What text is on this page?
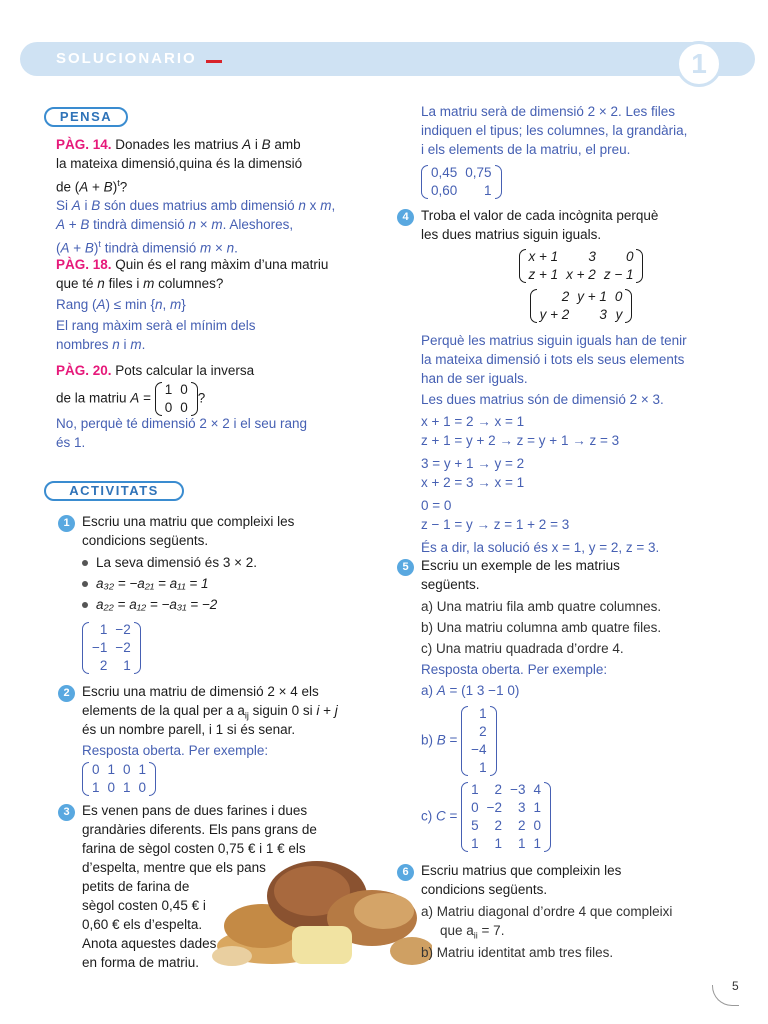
SOLUCIONARIO	1
PENSA
PÀG. 14. Donades les matrius A i B amb
la mateixa dimensió,quina és la dimensió
de $(A + B)^t$?
Si A i B són dues matrius amb dimensió n x m,
A + B tindrà dimensió n × m. Aleshores,
$(A + B)^t$ tindrà dimensió m × n.
PÀG. 18. Quin és el rang màxim d’una matriu
que té n files i m columnes?
Rang (A) ≤ min {n, m}
El rang màxim serà el mínim dels
nombres n i m.
PÀG. 20. Pots calcular la inversa
de la matriu A =
1	0
0	0
?
No, perquè té dimensió 2 × 2 i el seu rang
és 1.
ACTIVITATS
1 Escriu una matriu que compleixi les
condicions següents.
La seva dimensió és 3 × 2.
a₃₂ = −a₂₁ = a₁₁ = 1
a₂₂ = a₁₂ = −a₃₁ = −2
1	−2
−1	−2
2	1
2 Escriu una matriu de dimensió 2 × 4 els
elements de la qual per a $a_{ij}$ siguin 0 si i + j
és un nombre parell, i 1 si és senar.
Resposta oberta. Per exemple:
0	1	0	1
1	0	1	0
3 Es venen pans de dues farines i dues
grandàries diferents. Els pans grans de
farina de sègol costen 0,75 € i 1 € els
d’espelta, mentre que els pans
petits de farina de
sègol costen 0,45 € i
0,60 € els d’espelta.
Anota aquestes dades
en forma de matriu.
La matriu serà de dimensió 2 × 2. Les files
indiquen el tipus; les columnes, la grandària,
i els elements de la matriu, el preu.
0,45	0,75
0,60	1
4 Troba el valor de cada incògnita perquè
les dues matrius siguin iguals.
x + 1	3	0
z + 1	x + 2	z − 1
2	y + 1	0
y + 2	3	y
Perquè les matrius siguin iguals han de tenir
la mateixa dimensió i tots els seus elements
han de ser iguals.
Les dues matrius són de dimensió 2 × 3.
x + 1 = 2 → x = 1
z + 1 = y + 2 → z = y + 1 → z = 3
3 = y + 1 → y = 2
x + 2 = 3 → x = 1
0 = 0
z − 1 = y → z = 1 + 2 = 3
És a dir, la solució és x = 1, y = 2, z = 3.
5 Escriu un exemple de les matrius
següents.
a) Una matriu fila amb quatre columnes.
b) Una matriu columna amb quatre files.
c) Una matriu quadrada d’ordre 4.
Resposta oberta. Per exemple:
a) A = (1 3 −1 0)
b) B =
1
2
−4
1
c) C =
1	2	−3	4
0	−2	3	1
5	2	2	0
1	1	1	1
6 Escriu matrius que compleixin les
condicions següents.
a) Matriu diagonal d’ordre 4 que compleixi
que $a_{ii} = 7$.
b) Matriu identitat amb tres files.
5
